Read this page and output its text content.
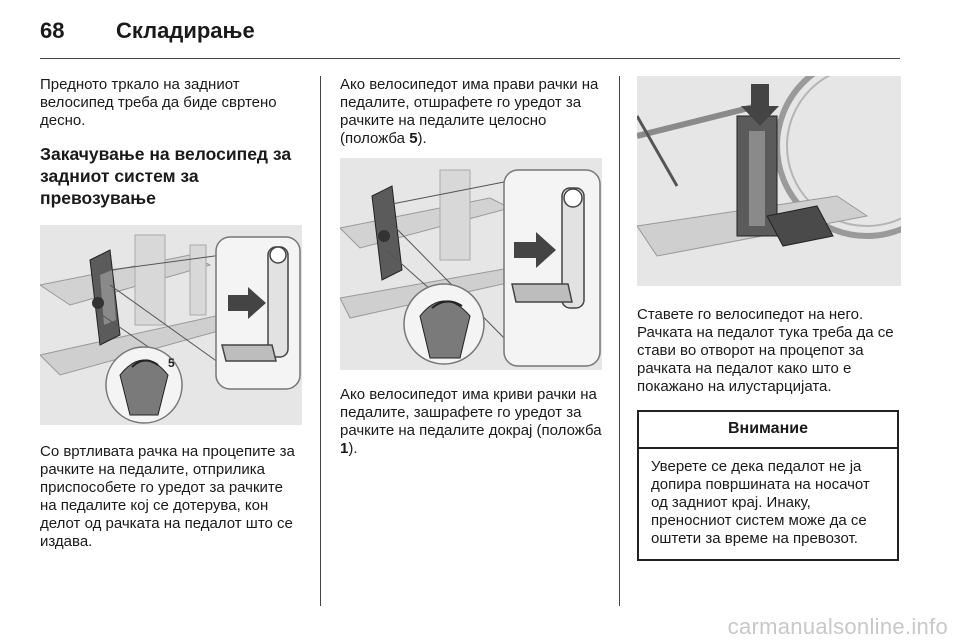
68 Складирање

Предното тркало на задниот велосипед треба да биде свртено десно.

Закачување на велосипед за задниот систем за превозување
5

Со вртливата рачка на процепите за рачките на педалите, отприлика приспособете го уредот за рачките на педалите кој се дотерува, кон делот од рачката на педалот што се издава.

Ако велосипедот има прави рачки на педалите, отшрафете го уредот за рачките на педалите целосно (положба 5).

Ако велосипедот има криви рачки на педалите, зашрафете го уредот за рачките на педалите докрај (положба 1).

Ставете го велосипедот на него. Рачката на педалот тука треба да се стави во отворот на процепот за рачката на педалот како што е покажано на илустарцијата.

Внимание

Уверете се дека педалот не ја допира површината на носачот од задниот крај. Инаку, преносниот систем може да се оштети за време на превозот.

carmanualsonline.info
